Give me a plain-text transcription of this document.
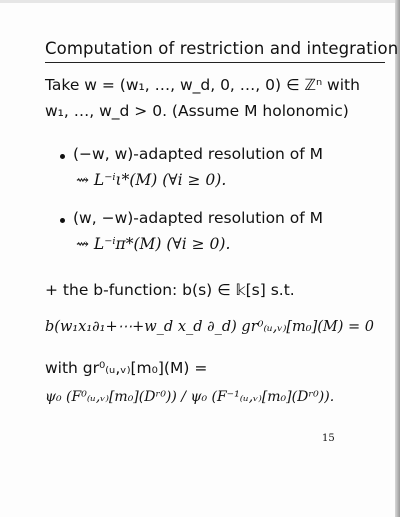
Computation of restriction and integration
Take w = (w₁, …, w_d, 0, …, 0) ∈ ℤⁿ with
w₁, …, w_d > 0. (Assume M holonomic)
(−w, w)-adapted resolution of M
⇝ L⁻ⁱι*(M) (∀i ≥ 0).
(w, −w)-adapted resolution of M
⇝ L⁻ⁱπ*(M) (∀i ≥ 0).
+ the b-function: b(s) ∈ 𝕜[s] s.t.
b(w₁x₁∂₁+⋯+w_d x_d ∂_d) gr⁰₍ᵤ,ᵥ₎[m₀](M) = 0
with gr⁰₍ᵤ,ᵥ₎[m₀](M) =
ψ₀ (F⁰₍ᵤ,ᵥ₎[m₀](Dʳ⁰)) / ψ₀ (F⁻¹₍ᵤ,ᵥ₎[m₀](Dʳ⁰)).
15
